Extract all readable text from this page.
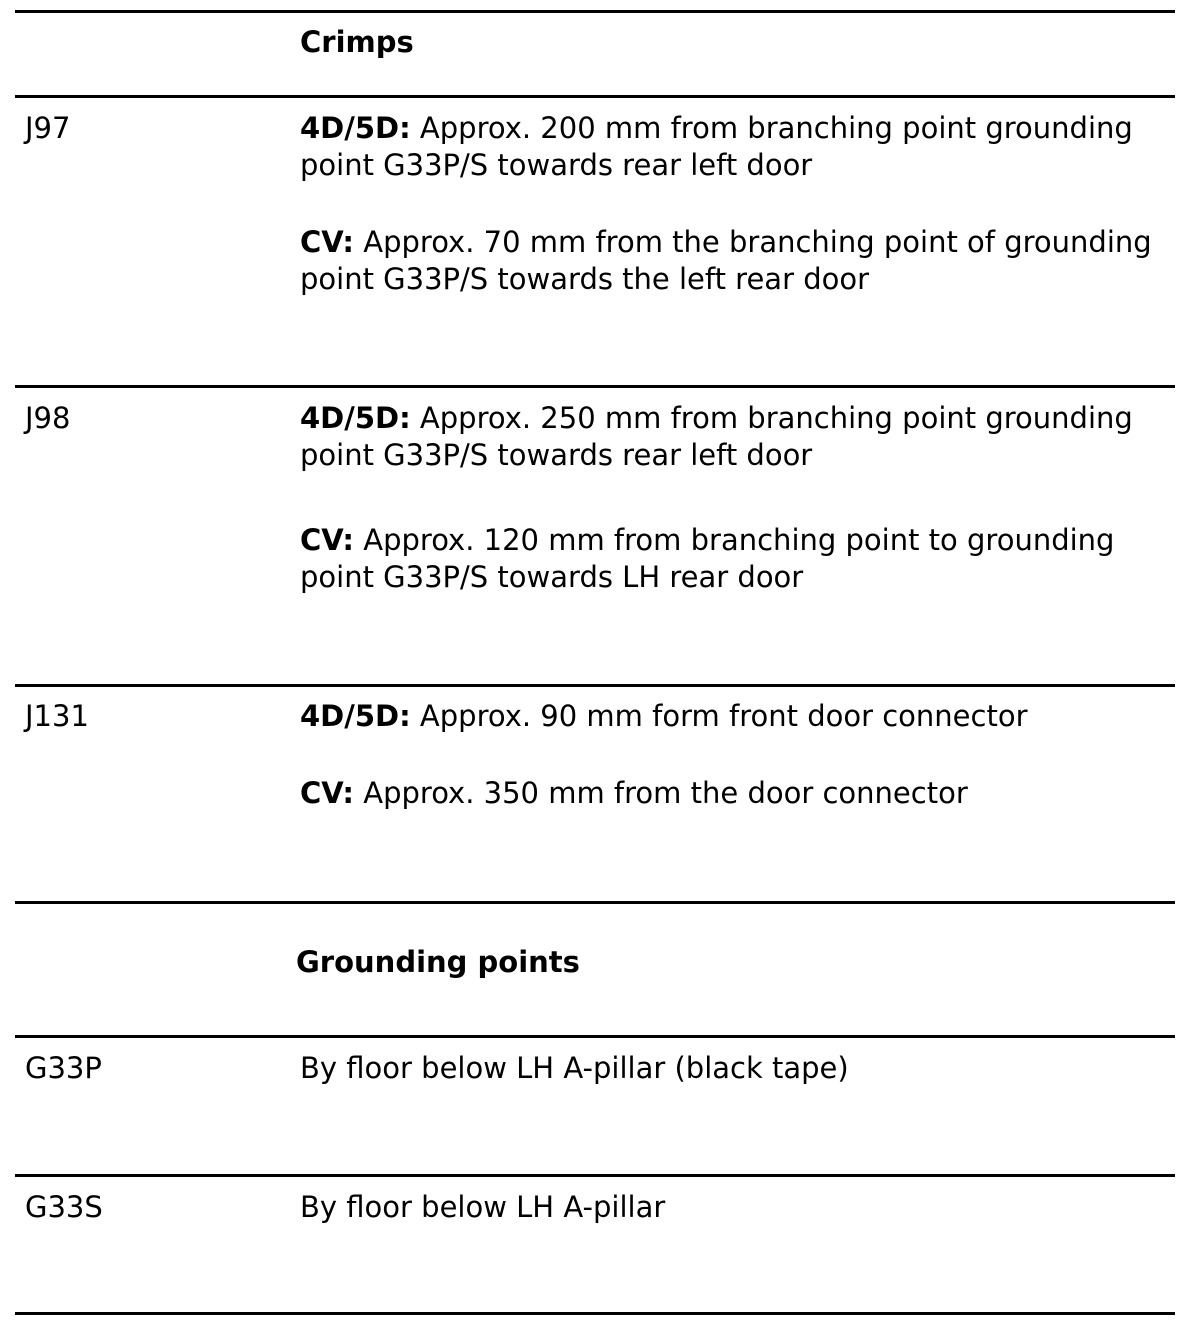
Crimps
J97	4D/5D: Approx. 200 mm from branching point grounding point G33P/S towards rear left door

CV: Approx. 70 mm from the branching point of grounding point G33P/S towards the left rear door

J98	4D/5D: Approx. 250 mm from branching point grounding point G33P/S towards rear left door

CV: Approx. 120 mm from branching point to grounding point G33P/S towards LH rear door

J131	4D/5D: Approx. 90 mm form front door connector

CV: Approx. 350 mm from the door connector

Grounding points
G33P	By floor below LH A-pillar (black tape)
G33S	By floor below LH A-pillar
